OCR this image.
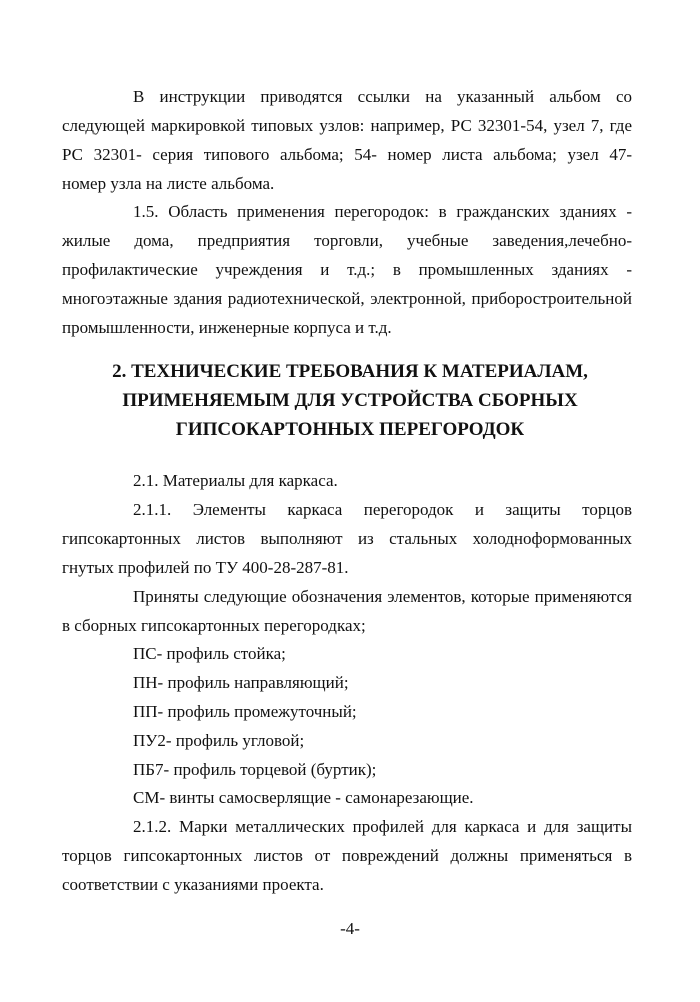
В инструкции приводятся ссылки на указанный альбом со
следующей маркировкой типовых узлов: например, РС 32301-54, узел 7, где
РС 32301- серия типового альбома; 54- номер листа альбома; узел 47-
номер узла на листе альбома.
1.5. Область применения перегородок: в гражданских зданиях -
жилые дома, предприятия торговли, учебные заведения,лечебно-
профилактические учреждения и т.д.; в промышленных зданиях -
многоэтажные здания радиотехнической, электронной, приборостроительной
промышленности, инженерные корпуса и т.д.
2. ТЕХНИЧЕСКИЕ ТРЕБОВАНИЯ К МАТЕРИАЛАМ,
ПРИМЕНЯЕМЫМ ДЛЯ УСТРОЙСТВА СБОРНЫХ
ГИПСОКАРТОННЫХ ПЕРЕГОРОДОК
2.1. Материалы для каркаса.
2.1.1. Элементы каркаса перегородок и защиты торцов
гипсокартонных листов выполняют из стальных холодноформованных
гнутых профилей по ТУ 400-28-287-81.
Приняты следующие обозначения элементов, которые применяются
в сборных гипсокартонных перегородках;
ПС- профиль стойка;
ПН- профиль направляющий;
ПП- профиль промежуточный;
ПУ2- профиль угловой;
ПБ7- профиль торцевой (буртик);
СМ- винты самосверлящие - самонарезающие.
2.1.2. Марки металлических профилей для каркаса и для защиты
торцов гипсокартонных листов от повреждений должны применяться в
соответствии с указаниями проекта.
-4-
